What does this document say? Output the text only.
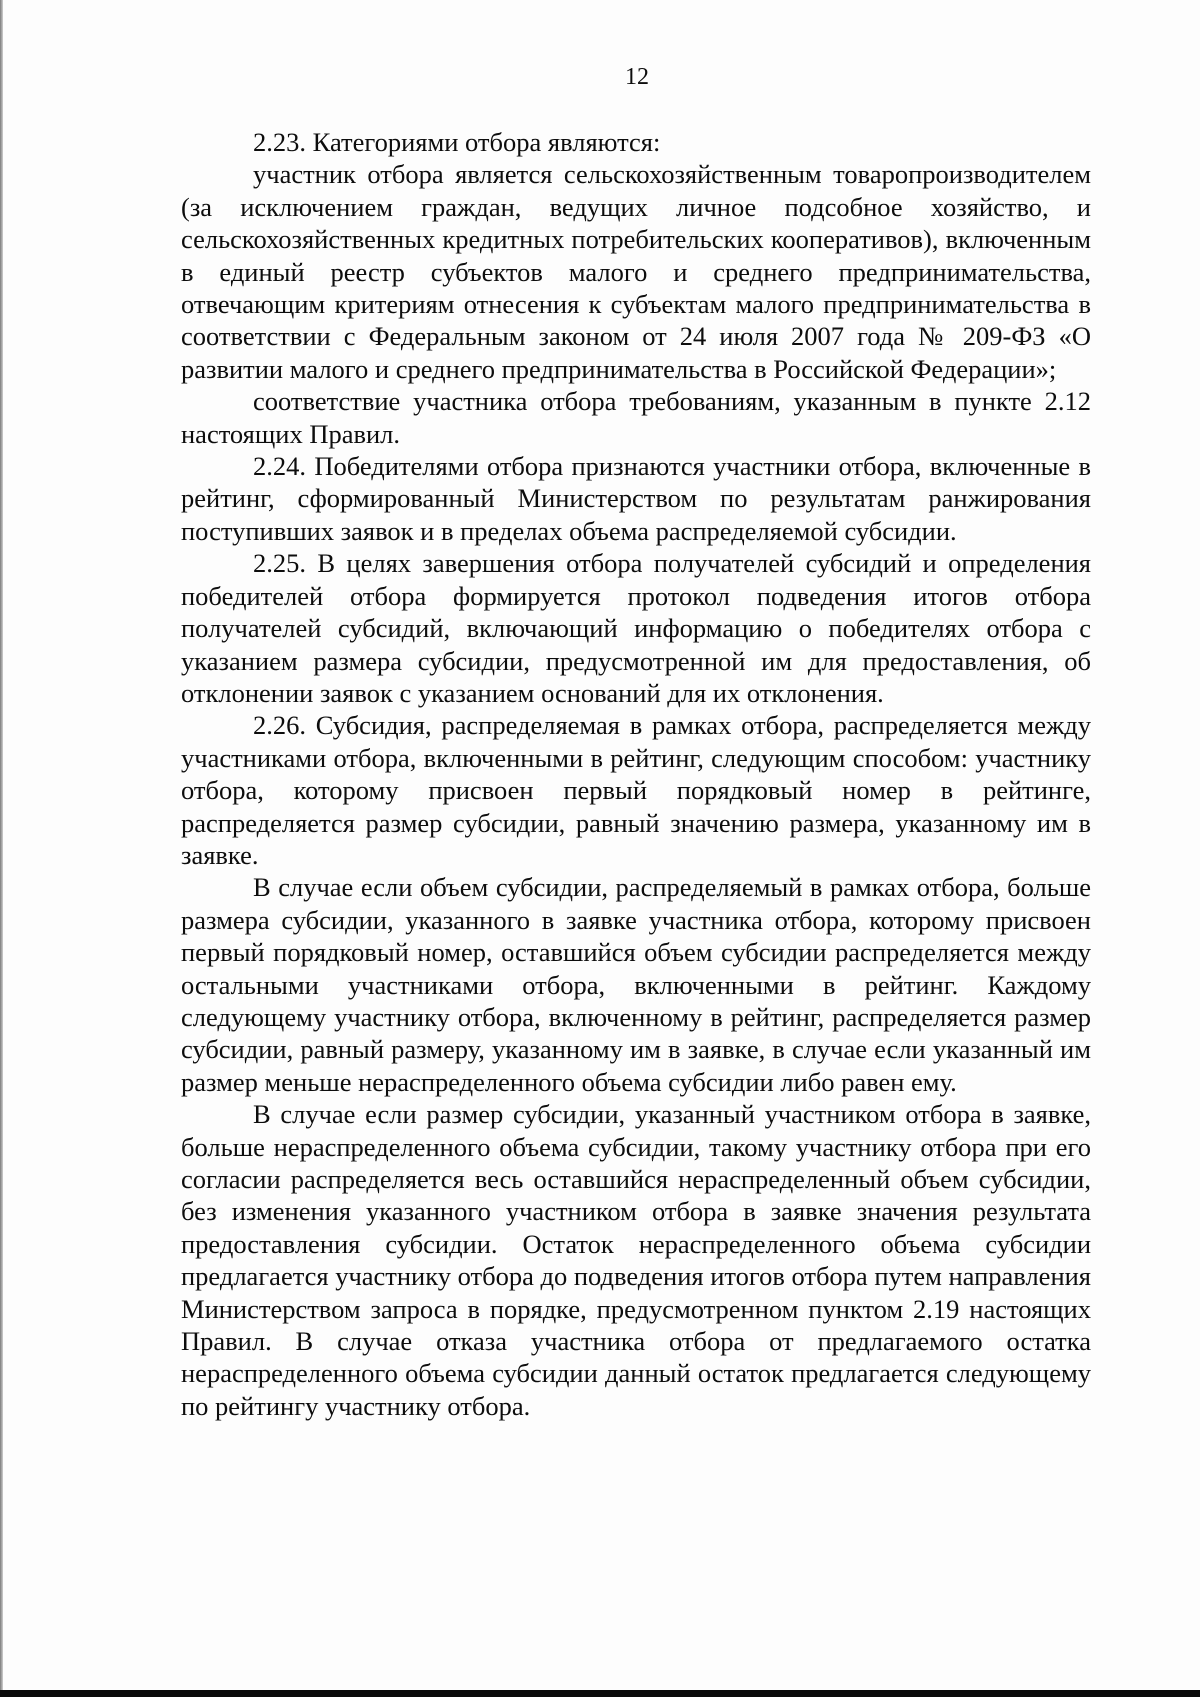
12

2.23. Категориями отбора являются:

участник отбора является сельскохозяйственным товаропроизводителем (за исключением граждан, ведущих личное подсобное хозяйство, и сельскохозяйственных кредитных потребительских кооперативов), включенным в единый реестр субъектов малого и среднего предпринимательства, отвечающим критериям отнесения к субъектам малого предпринимательства в соответствии с Федеральным законом от 24 июля 2007 года № 209-ФЗ «О развитии малого и среднего предпринимательства в Российской Федерации»;

соответствие участника отбора требованиям, указанным в пункте 2.12 настоящих Правил.

2.24. Победителями отбора признаются участники отбора, включенные в рейтинг, сформированный Министерством по результатам ранжирования поступивших заявок и в пределах объема распределяемой субсидии.

2.25. В целях завершения отбора получателей субсидий и определения победителей отбора формируется протокол подведения итогов отбора получателей субсидий, включающий информацию о победителях отбора с указанием размера субсидии, предусмотренной им для предоставления, об отклонении заявок с указанием оснований для их отклонения.

2.26. Субсидия, распределяемая в рамках отбора, распределяется между участниками отбора, включенными в рейтинг, следующим способом: участнику отбора, которому присвоен первый порядковый номер в рейтинге, распределяется размер субсидии, равный значению размера, указанному им в заявке.

В случае если объем субсидии, распределяемый в рамках отбора, больше размера субсидии, указанного в заявке участника отбора, которому присвоен первый порядковый номер, оставшийся объем субсидии распределяется между остальными участниками отбора, включенными в рейтинг. Каждому следующему участнику отбора, включенному в рейтинг, распределяется размер субсидии, равный размеру, указанному им в заявке, в случае если указанный им размер меньше нераспределенного объема субсидии либо равен ему.

В случае если размер субсидии, указанный участником отбора в заявке, больше нераспределенного объема субсидии, такому участнику отбора при его согласии распределяется весь оставшийся нераспределенный объем субсидии, без изменения указанного участником отбора в заявке значения результата предоставления субсидии. Остаток нераспределенного объема субсидии предлагается участнику отбора до подведения итогов отбора путем направления Министерством запроса в порядке, предусмотренном пунктом 2.19 настоящих Правил. В случае отказа участника отбора от предлагаемого остатка нераспределенного объема субсидии данный остаток предлагается следующему по рейтингу участнику отбора.
